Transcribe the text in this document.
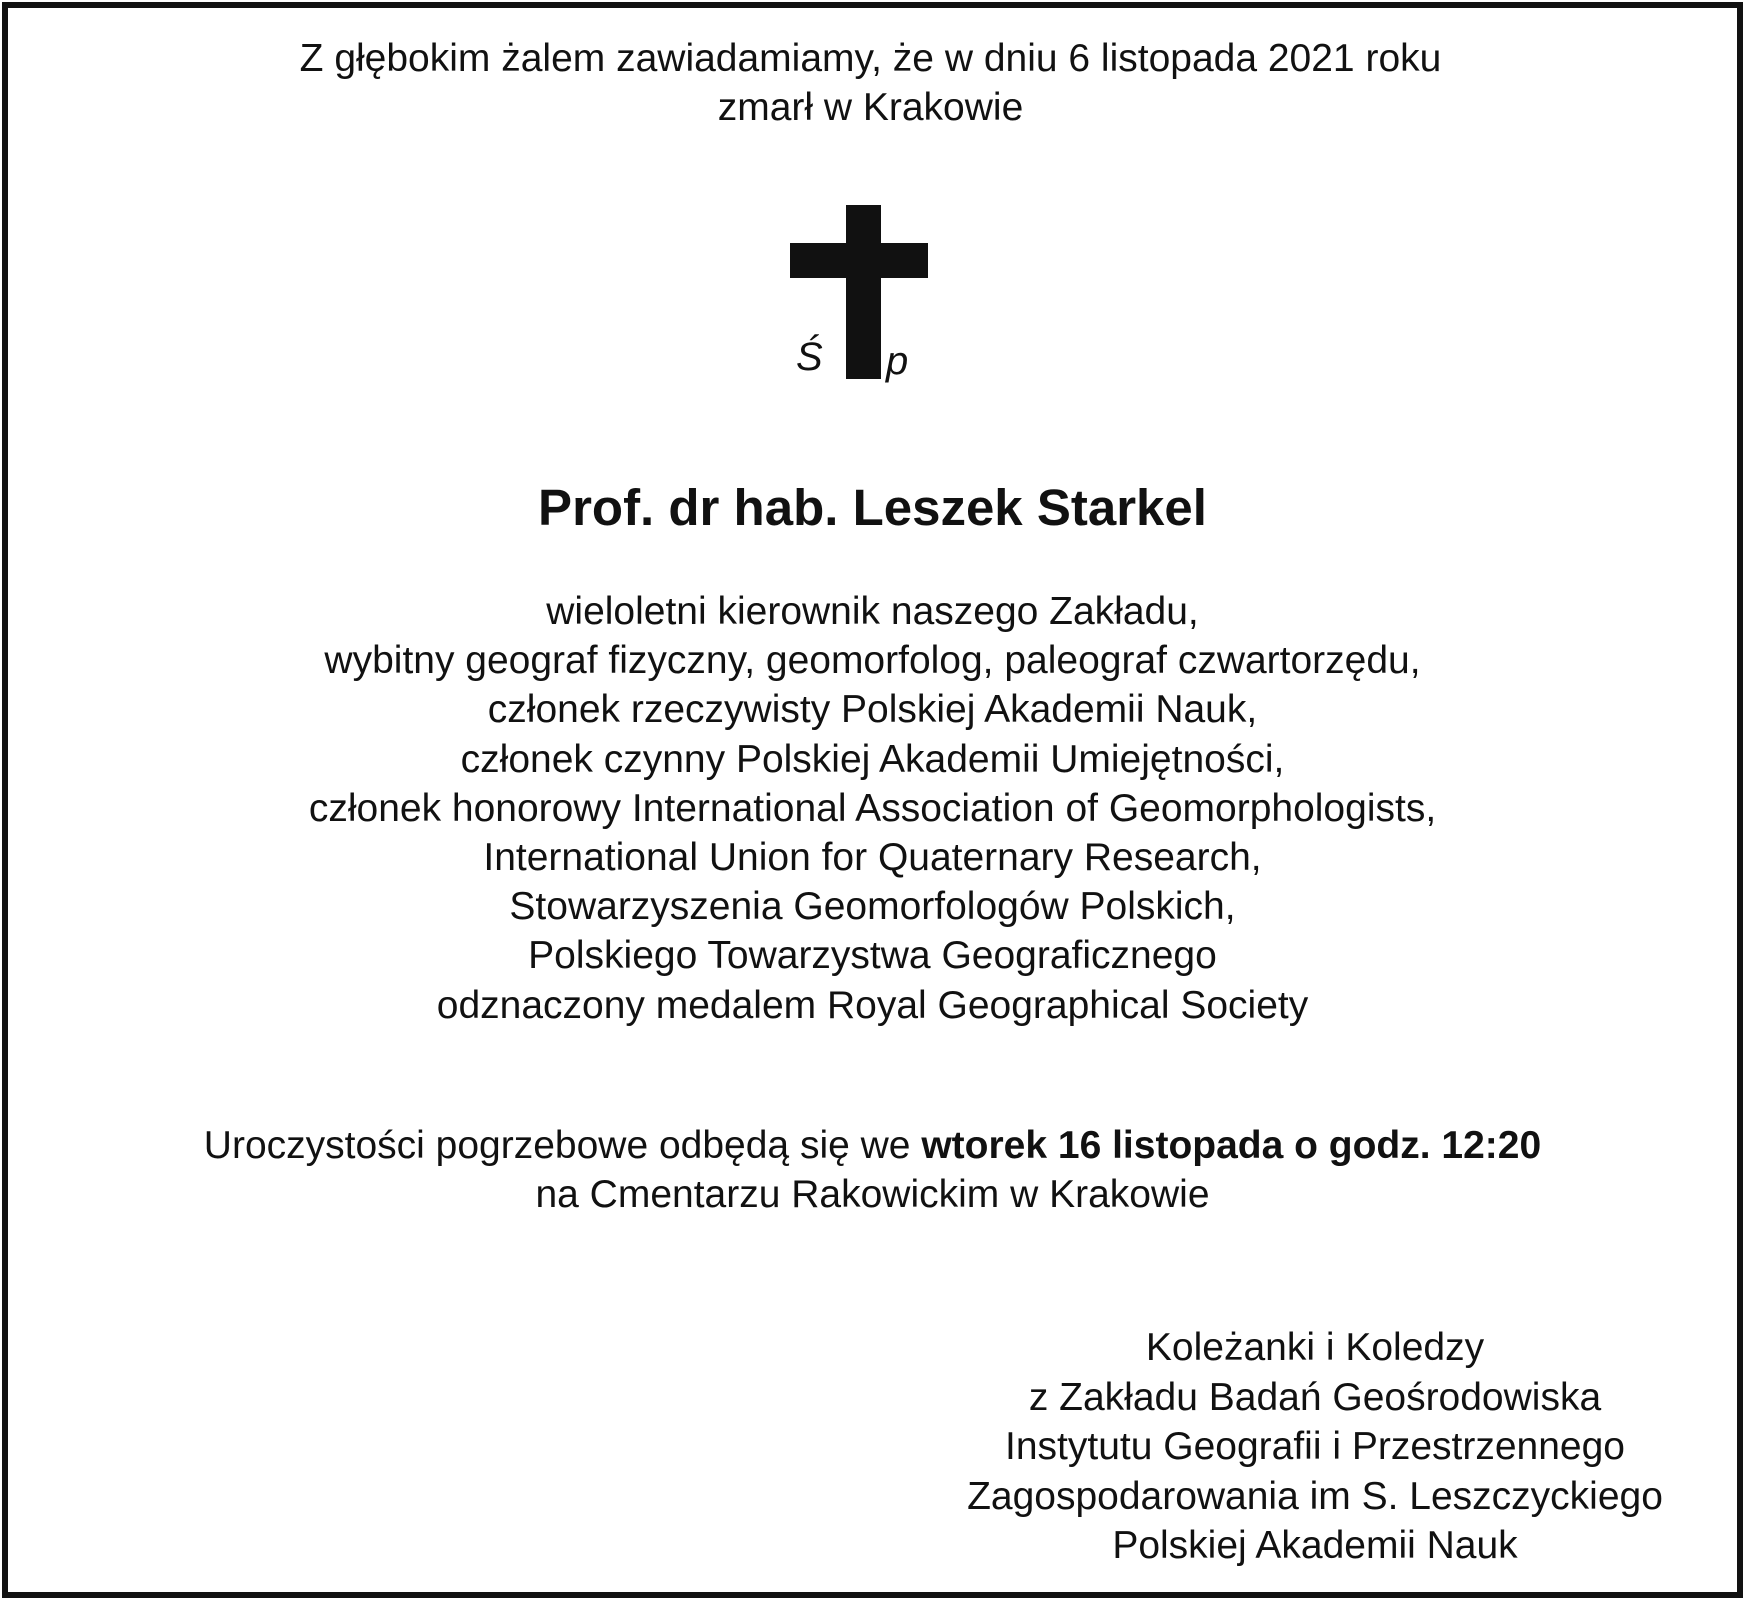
Z głębokim żalem zawiadamiamy, że w dniu 6 listopada 2021 roku
zmarł w Krakowie
Ś p
Prof. dr hab. Leszek Starkel
wieloletni kierownik naszego Zakładu,
wybitny geograf fizyczny, geomorfolog, paleograf czwartorzędu,
członek rzeczywisty Polskiej Akademii Nauk,
członek czynny Polskiej Akademii Umiejętności,
członek honorowy International Association of Geomorphologists,
International Union for Quaternary Research,
Stowarzyszenia Geomorfologów Polskich,
Polskiego Towarzystwa Geograficznego
odznaczony medalem Royal Geographical Society
Uroczystości pogrzebowe odbędą się we wtorek 16 listopada o godz. 12:20
na Cmentarzu Rakowickim w Krakowie
Koleżanki i Koledzy
z Zakładu Badań Geośrodowiska
Instytutu Geografii i Przestrzennego
Zagospodarowania im S. Leszczyckiego
Polskiej Akademii Nauk
